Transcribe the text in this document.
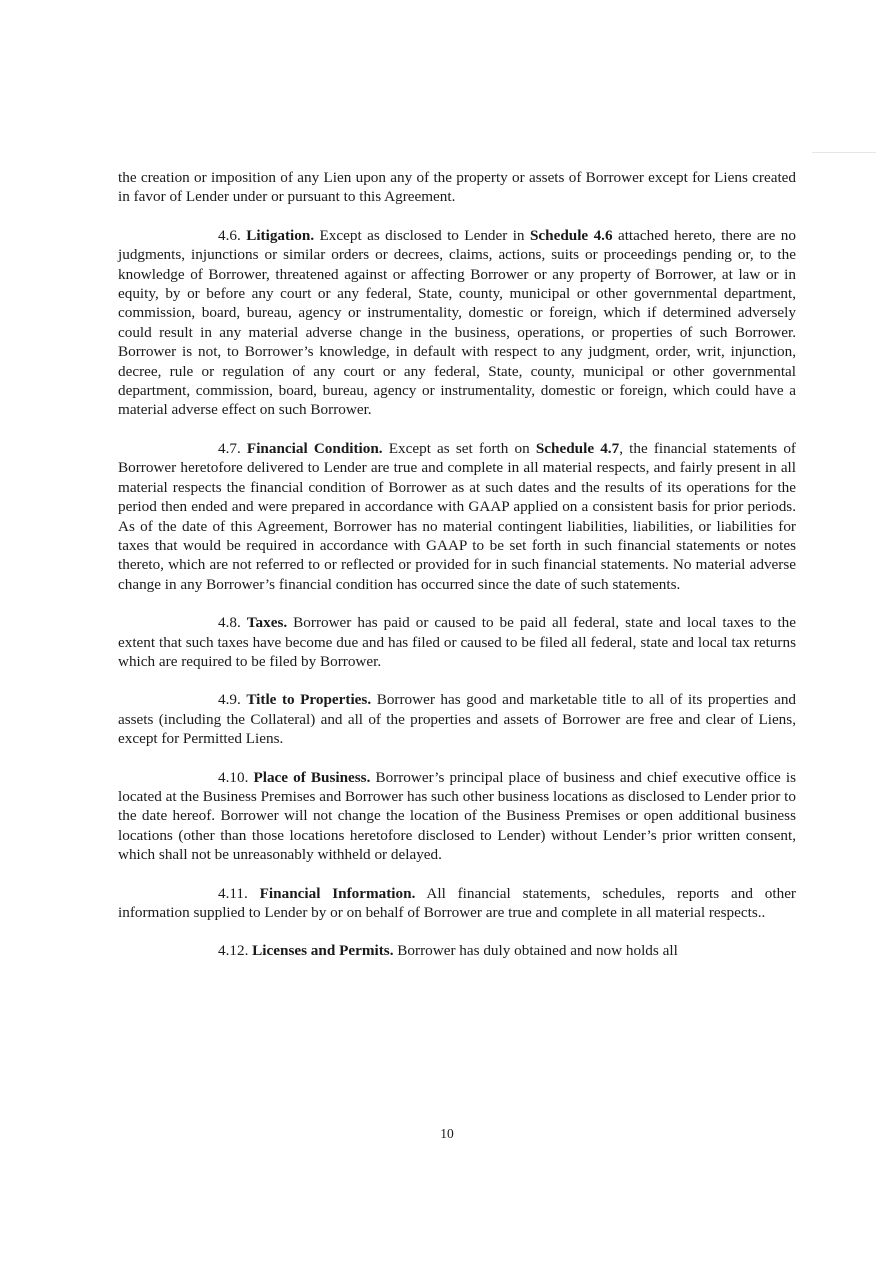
the creation or imposition of any Lien upon any of the property or assets of Borrower except for Liens created in favor of Lender under or pursuant to this Agreement.

4.6. Litigation. Except as disclosed to Lender in Schedule 4.6 attached hereto, there are no judgments, injunctions or similar orders or decrees, claims, actions, suits or proceedings pending or, to the knowledge of Borrower, threatened against or affecting Borrower or any property of Borrower, at law or in equity, by or before any court or any federal, State, county, municipal or other governmental department, commission, board, bureau, agency or instrumentality, domestic or foreign, which if determined adversely could result in any material adverse change in the business, operations, or properties of such Borrower. Borrower is not, to Borrower’s knowledge, in default with respect to any judgment, order, writ, injunction, decree, rule or regulation of any court or any federal, State, county, municipal or other governmental department, commission, board, bureau, agency or instrumentality, domestic or foreign, which could have a material adverse effect on such Borrower.

4.7. Financial Condition. Except as set forth on Schedule 4.7, the financial statements of Borrower heretofore delivered to Lender are true and complete in all material respects, and fairly present in all material respects the financial condition of Borrower as at such dates and the results of its operations for the period then ended and were prepared in accordance with GAAP applied on a consistent basis for prior periods. As of the date of this Agreement, Borrower has no material contingent liabilities, liabilities, or liabilities for taxes that would be required in accordance with GAAP to be set forth in such financial statements or notes thereto, which are not referred to or reflected or provided for in such financial statements. No material adverse change in any Borrower’s financial condition has occurred since the date of such statements.

4.8. Taxes. Borrower has paid or caused to be paid all federal, state and local taxes to the extent that such taxes have become due and has filed or caused to be filed all federal, state and local tax returns which are required to be filed by Borrower.

4.9. Title to Properties. Borrower has good and marketable title to all of its properties and assets (including the Collateral) and all of the properties and assets of Borrower are free and clear of Liens, except for Permitted Liens.

4.10. Place of Business. Borrower’s principal place of business and chief executive office is located at the Business Premises and Borrower has such other business locations as disclosed to Lender prior to the date hereof. Borrower will not change the location of the Business Premises or open additional business locations (other than those locations heretofore disclosed to Lender) without Lender’s prior written consent, which shall not be unreasonably withheld or delayed.

4.11. Financial Information. All financial statements, schedules, reports and other information supplied to Lender by or on behalf of Borrower are true and complete in all material respects..

4.12. Licenses and Permits. Borrower has duly obtained and now holds all

10
